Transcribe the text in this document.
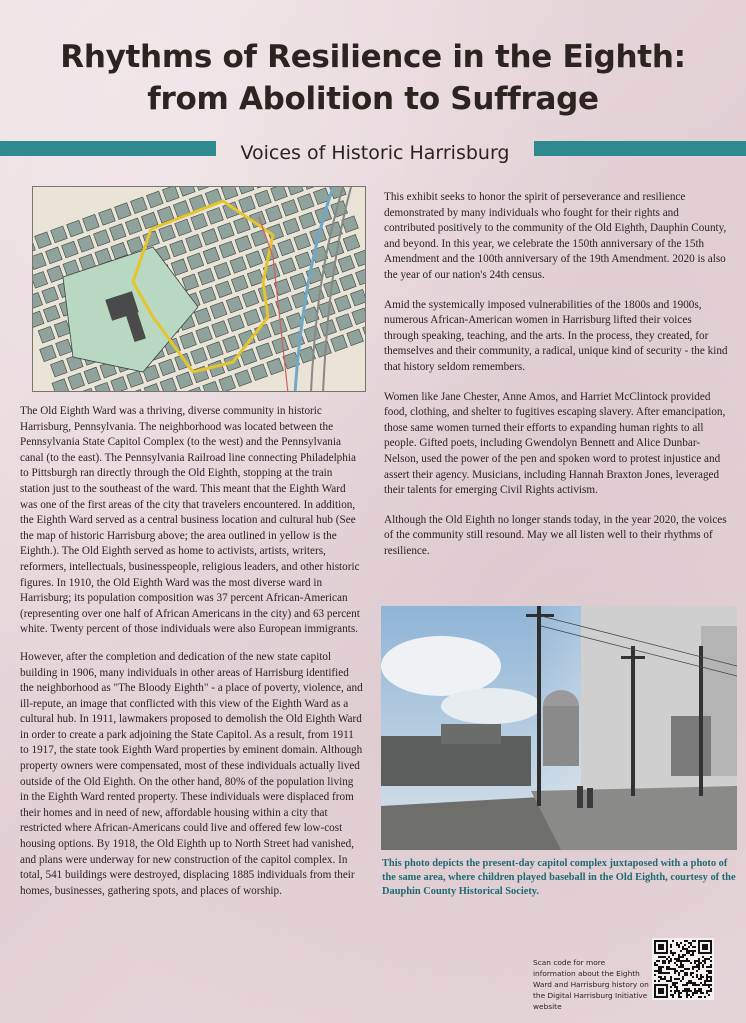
Rhythms of Resilience in the Eighth:
from Abolition to Suffrage
Voices of Historic Harrisburg

The Old Eighth Ward was a thriving, diverse community in historic Harrisburg, Pennsylvania. The neighborhood was located between the Pennsylvania State Capitol Complex (to the west) and the Pennsylvania canal (to the east). The Pennsylvania Railroad line connecting Philadelphia to Pittsburgh ran directly through the Old Eighth, stopping at the train station just to the southeast of the ward. This meant that the Eighth Ward was one of the first areas of the city that travelers encountered. In addition, the Eighth Ward served as a central business location and cultural hub (See the map of historic Harrisburg above; the area outlined in yellow is the Eighth.). The Old Eighth served as home to activists, artists, writers, reformers, intellectuals, businesspeople, religious leaders, and other historic figures. In 1910, the Old Eighth Ward was the most diverse ward in Harrisburg; its population composition was 37 percent African-American (representing over one half of African Americans in the city) and 63 percent white. Twenty percent of those individuals were also European immigrants.

However, after the completion and dedication of the new state capitol building in 1906, many individuals in other areas of Harrisburg identified the neighborhood as "The Bloody Eighth" - a place of poverty, violence, and ill-repute, an image that conflicted with this view of the Eighth Ward as a cultural hub. In 1911, lawmakers proposed to demolish the Old Eighth Ward in order to create a park adjoining the State Capitol. As a result, from 1911 to 1917, the state took Eighth Ward properties by eminent domain. Although property owners were compensated, most of these individuals actually lived outside of the Old Eighth. On the other hand, 80% of the population living in the Eighth Ward rented property. These individuals were displaced from their homes and in need of new, affordable housing within a city that restricted where African-Americans could live and offered few low-cost housing options. By 1918, the Old Eighth up to North Street had vanished, and plans were underway for new construction of the capitol complex. In total, 541 buildings were destroyed, displacing 1885 individuals from their homes, businesses, gathering spots, and places of worship.

This exhibit seeks to honor the spirit of perseverance and resilience demonstrated by many individuals who fought for their rights and contributed positively to the community of the Old Eighth, Dauphin County, and beyond. In this year, we celebrate the 150th anniversary of the 15th Amendment and the 100th anniversary of the 19th Amendment. 2020 is also the year of our nation's 24th census.

Amid the systemically imposed vulnerabilities of the 1800s and 1900s, numerous African-American women in Harrisburg lifted their voices through speaking, teaching, and the arts. In the process, they created, for themselves and their community, a radical, unique kind of security - the kind that history seldom remembers.

Women like Jane Chester, Anne Amos, and Harriet McClintock provided food, clothing, and shelter to fugitives escaping slavery. After emancipation, those same women turned their efforts to expanding human rights to all people. Gifted poets, including Gwendolyn Bennett and Alice Dunbar-Nelson, used the power of the pen and spoken word to protest injustice and assert their agency. Musicians, including Hannah Braxton Jones, leveraged their talents for emerging Civil Rights activism.

Although the Old Eighth no longer stands today, in the year 2020, the voices of the community still resound. May we all listen well to their rhythms of resilience.

This photo depicts the present-day capitol complex juxtaposed with a photo of the same area, where children played baseball in the Old Eighth, courtesy of the Dauphin County Historical Society.
Scan code for more information about the Eighth Ward and Harrisburg history on the Digital Harrisburg Initiative website
